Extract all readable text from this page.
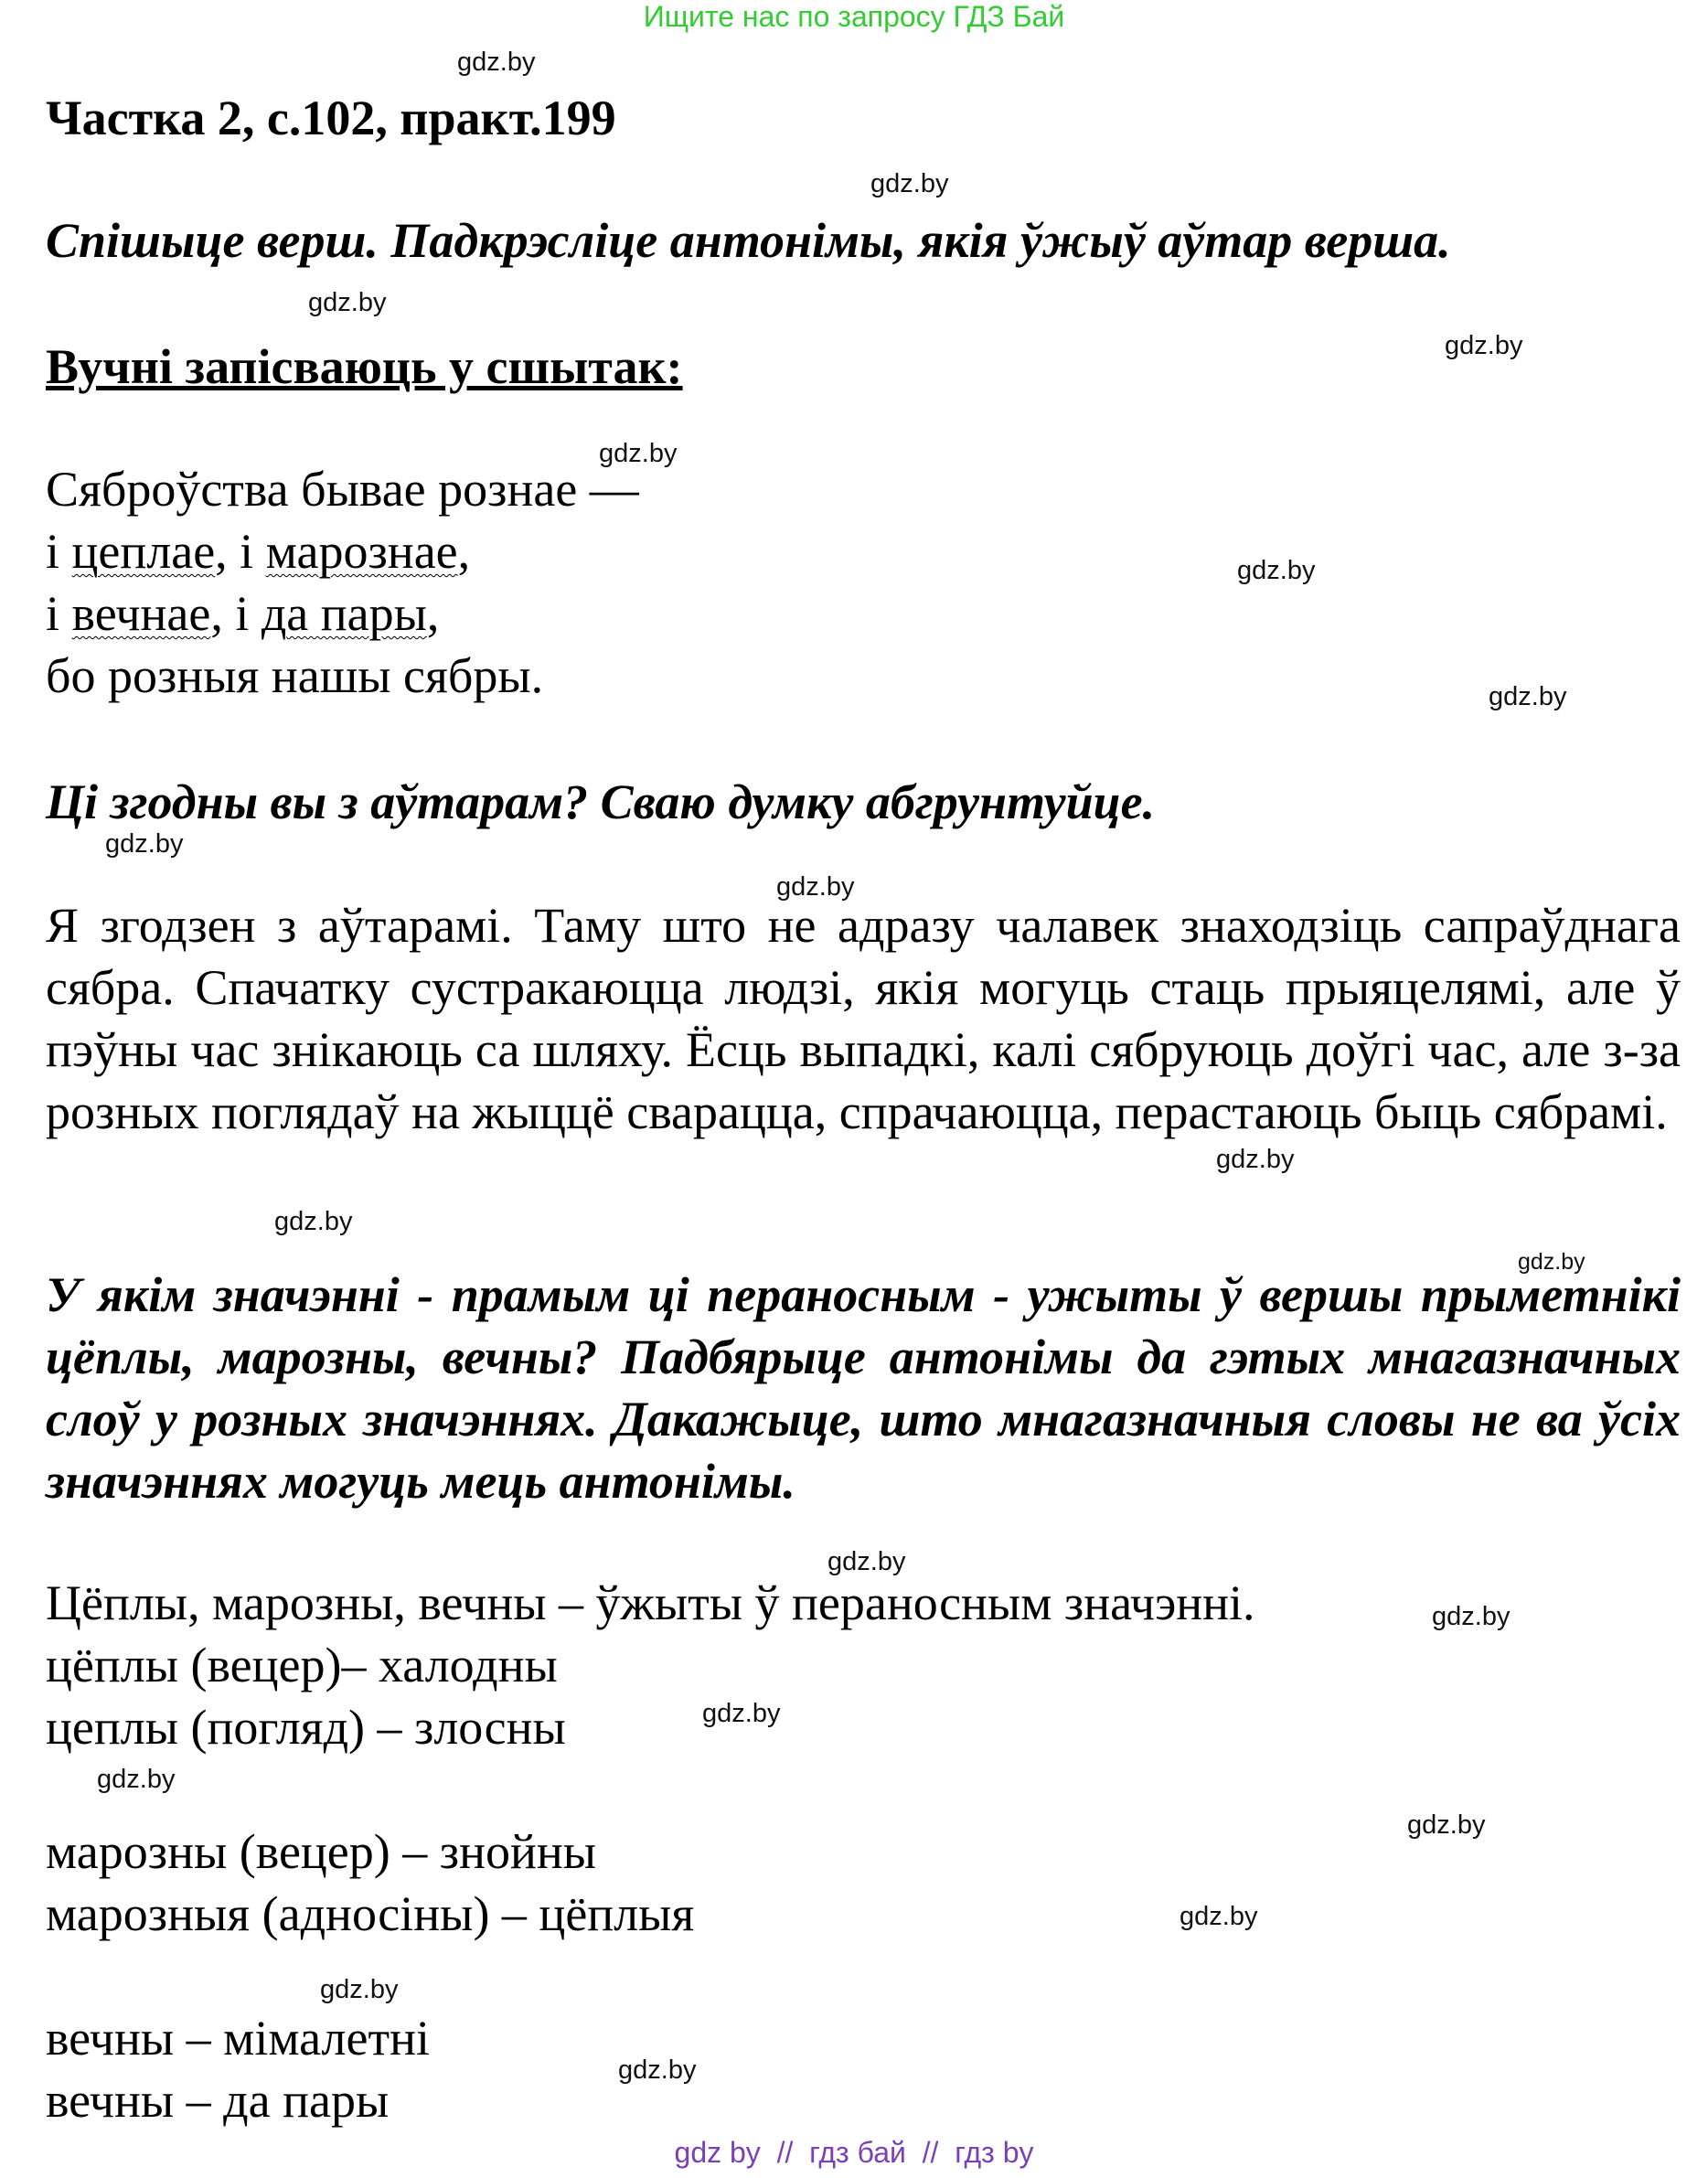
Ищите нас по запросу ГДЗ Бай
gdz.by
gdz.by
gdz.by
gdz.by
gdz.by
gdz.by
gdz.by
gdz.by
gdz.by
gdz.by
gdz.by
gdz.by
gdz.by
gdz.by
gdz.by
gdz.by
gdz.by
gdz.by
gdz.by
gdz.by
Частка 2, с.102, практ.199
Спішыце верш. Падкрэсліце антонімы, якія ўжыў аўтар верша.
Вучні запісваюць у сшытак:
Сяброўства бывае рознае —
і цеплае, і марознае,
і вечнае, і да пары,
бо розныя нашы сябры.
Ці згодны вы з аўтарам? Сваю думку абгрунтуйце.
Я згодзен з аўтарамі. Таму што не адразу чалавек знаходзіць сапраўднага сябра. Спачатку сустракаюцца людзі, якія могуць стаць прыяцелямі, але ў пэўны час знікаюць са шляху. Ёсць выпадкі, калі сябруюць доўгі час, але з-за розных поглядаў на жыццё сварацца, спрачаюцца, перастаюць быць сябрамі.
У якім значэнні - прамым ці пераносным - ужыты ў вершы прыметнікі цёплы, марозны, вечны? Падбярыце антонімы да гэтых мнагазначных слоў у розных значэннях. Дакажыце, што мнагазначныя словы не ва ўсіх значэннях могуць мець антонімы.
Цёплы, марозны, вечны – ўжыты ў пераносным значэнні.
цёплы (вецер)– халодны
цеплы (погляд) – злосны
марозны (вецер) – знойны
марозныя (адносіны) – цёплыя
вечны – мімалетні
вечны – да пары
gdz by  //  гдз бай  //  гдз by
